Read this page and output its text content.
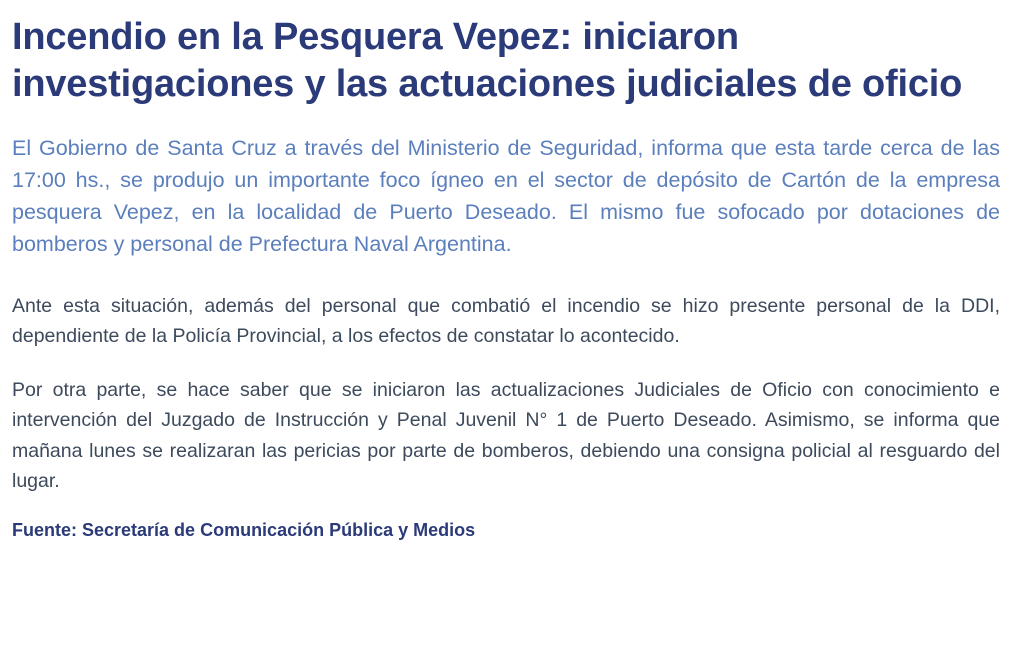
Incendio en la Pesquera Vepez: iniciaron investigaciones y las actuaciones judiciales de oficio

El Gobierno de Santa Cruz a través del Ministerio de Seguridad, informa que esta tarde cerca de las 17:00 hs., se produjo un importante foco ígneo en el sector de depósito de Cartón de la empresa pesquera Vepez, en la localidad de Puerto Deseado. El mismo fue sofocado por dotaciones de bomberos y personal de Prefectura Naval Argentina.

Ante esta situación, además del personal que combatió el incendio se hizo presente personal de la DDI, dependiente de la Policía Provincial, a los efectos de constatar lo acontecido.

Por otra parte, se hace saber que se iniciaron las actualizaciones Judiciales de Oficio con conocimiento e intervención del Juzgado de Instrucción y Penal Juvenil N° 1 de Puerto Deseado. Asimismo, se informa que mañana lunes se realizaran las pericias por parte de bomberos, debiendo una consigna policial al resguardo del lugar.

Fuente: Secretaría de Comunicación Pública y Medios
